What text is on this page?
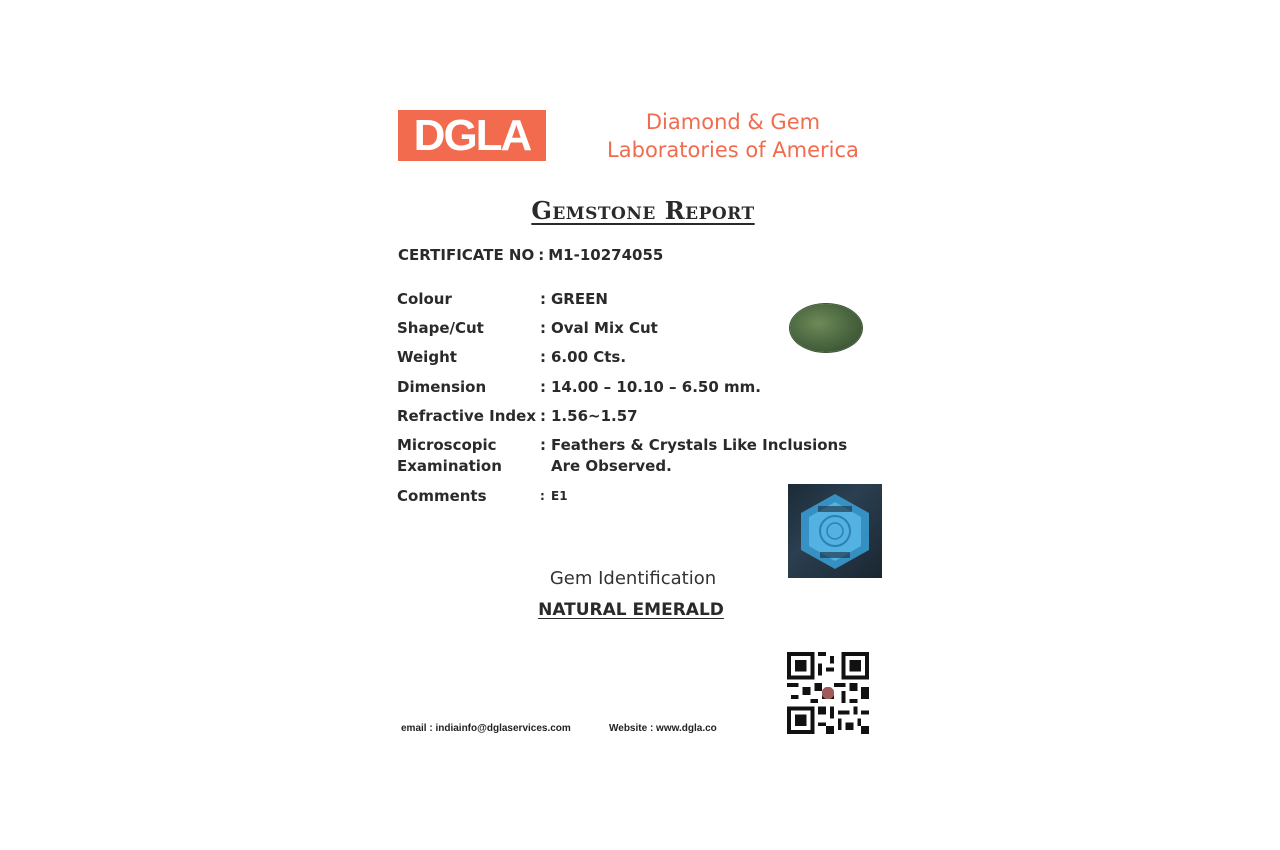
DGLA	Diamond & Gem
Laboratories of America
Gemstone Report
CERTIFICATE NO : M1-10274055
Colour	: GREEN
Shape/Cut	: Oval Mix Cut
Weight	: 6.00 Cts.
Dimension	: 14.00 – 10.10 – 6.50 mm.
Refractive Index : 1.56~1.57
Microscopic Examination
: Feathers & Crystals Like Inclusions Are Observed.
Comments	: E1
Gem Identification
NATURAL EMERALD
email : indiainfo@dglaservices.com	Website : www.dgla.co
